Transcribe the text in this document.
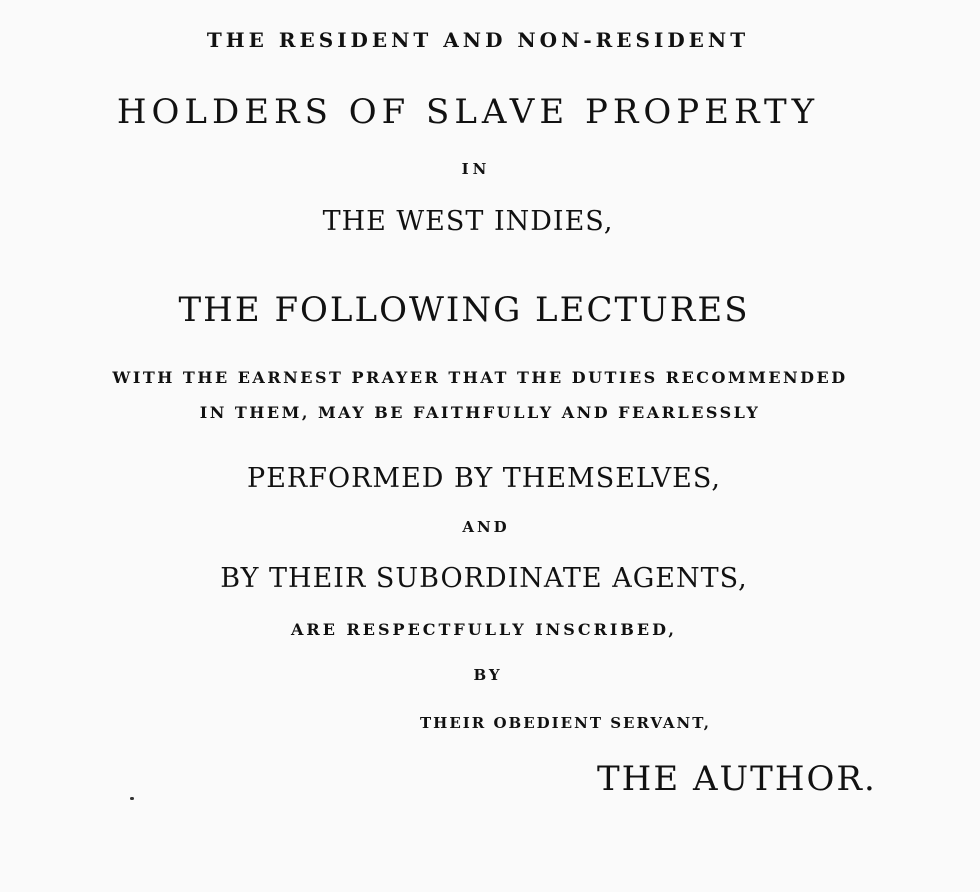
THE RESIDENT AND NON-RESIDENT
HOLDERS OF SLAVE PROPERTY
IN
THE WEST INDIES,
THE FOLLOWING LECTURES
WITH THE EARNEST PRAYER THAT THE DUTIES RECOMMENDED
IN THEM, MAY BE FAITHFULLY AND FEARLESSLY
PERFORMED BY THEMSELVES,
AND
BY THEIR SUBORDINATE AGENTS,
ARE RESPECTFULLY INSCRIBED,
BY
THEIR OBEDIENT SERVANT,
THE AUTHOR.
